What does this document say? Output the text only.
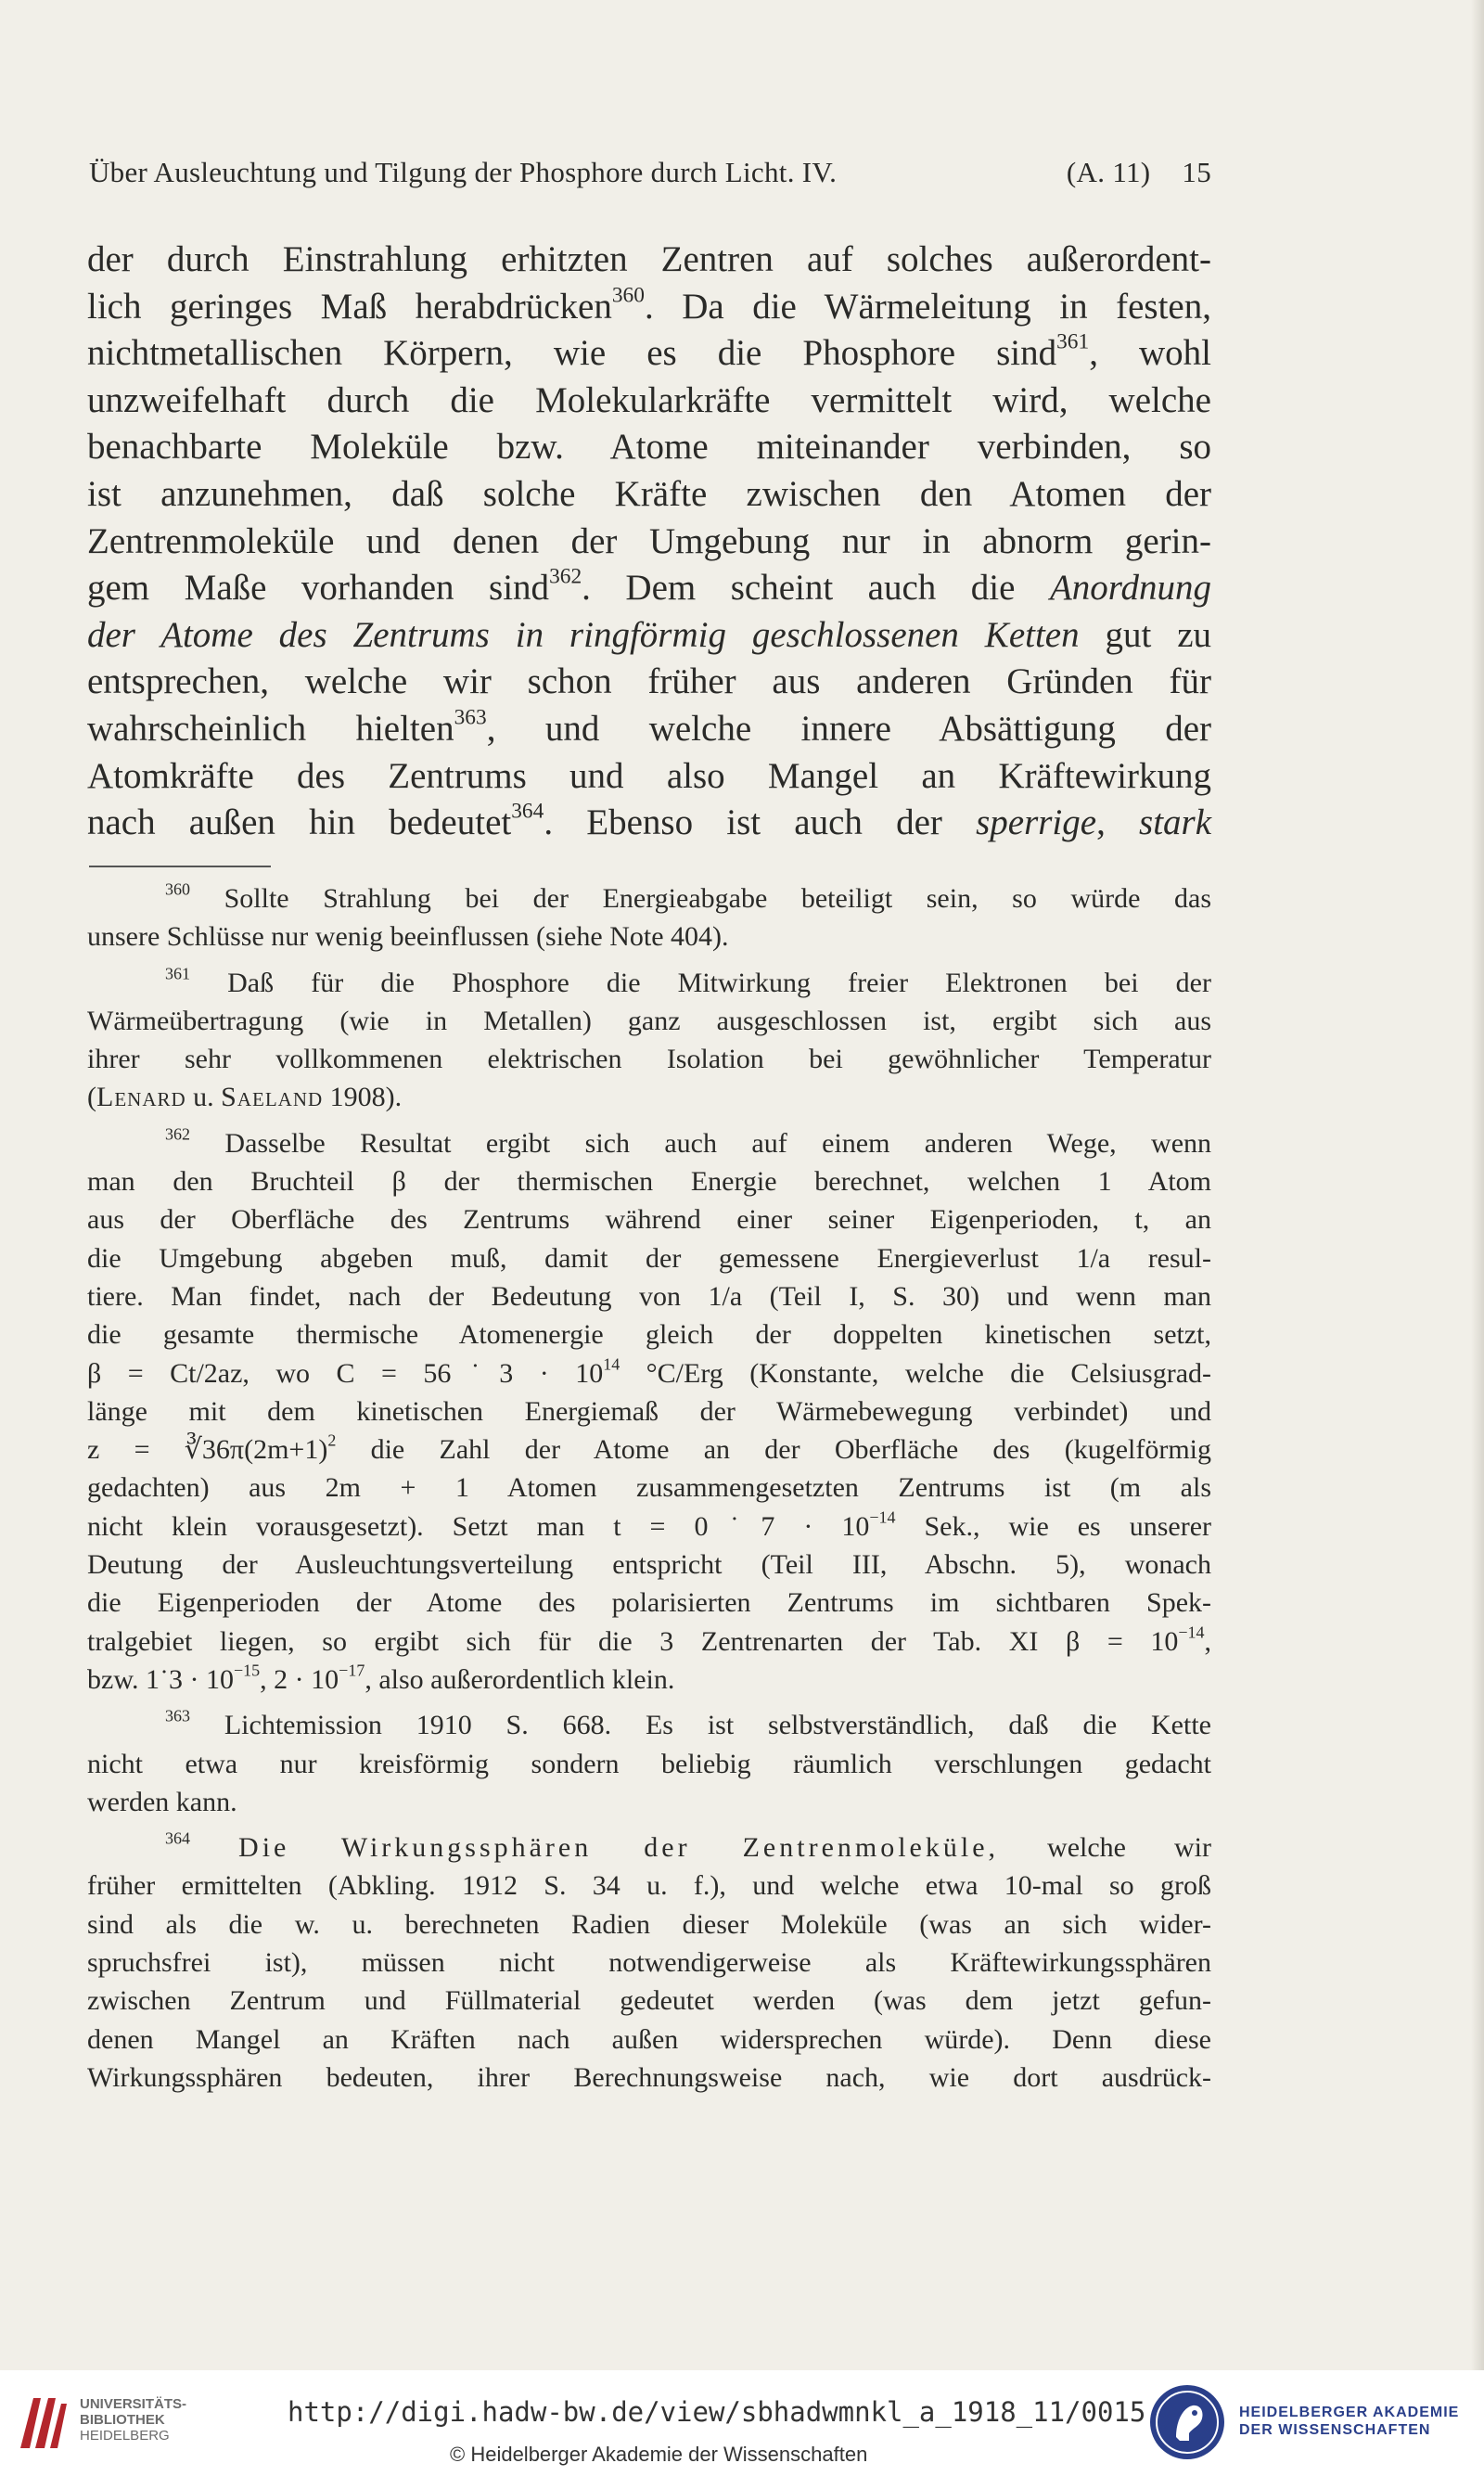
Über Ausleuchtung und Tilgung der Phosphore durch Licht. IV.	(A. 11) 15
der durch Einstrahlung erhitzten Zentren auf solches außerordent-
lich geringes Maß herabdrücken$^{360}$. Da die Wärmeleitung in festen,
nichtmetallischen Körpern, wie es die Phosphore sind$^{361}$, wohl
unzweifelhaft durch die Molekularkräfte vermittelt wird, welche
benachbarte Moleküle bzw. Atome miteinander verbinden, so
ist anzunehmen, daß solche Kräfte zwischen den Atomen der
Zentrenmoleküle und denen der Umgebung nur in abnorm gerin-
gem Maße vorhanden sind$^{362}$. Dem scheint auch die Anordnung
der Atome des Zentrums in ringförmig geschlossenen Ketten gut zu
entsprechen, welche wir schon früher aus anderen Gründen für
wahrscheinlich hielten$^{363}$, und welche innere Absättigung der
Atomkräfte des Zentrums und also Mangel an Kräftewirkung
nach außen hin bedeutet$^{364}$. Ebenso ist auch der sperrige, stark
$^{360}$ Sollte Strahlung bei der Energieabgabe beteiligt sein, so würde das
unsere Schlüsse nur wenig beeinflussen (siehe Note 404).
$^{361}$ Daß für die Phosphore die Mitwirkung freier Elektronen bei der
Wärmeübertragung (wie in Metallen) ganz ausgeschlossen ist, ergibt sich aus
ihrer sehr vollkommenen elektrischen Isolation bei gewöhnlicher Temperatur
(Lenard u. Saeland 1908).
$^{362}$ Dasselbe Resultat ergibt sich auch auf einem anderen Wege, wenn
man den Bruchteil β der thermischen Energie berechnet, welchen 1 Atom
aus der Oberfläche des Zentrums während einer seiner Eigenperioden, t, an
die Umgebung abgeben muß, damit der gemessene Energieverlust 1/a resul-
tiere. Man findet, nach der Bedeutung von 1/a (Teil I, S. 30) und wenn man
die gesamte thermische Atomenergie gleich der doppelten kinetischen setzt,
β = Ct/2az, wo C = 56˙3 · $10^{14}$ °C/Erg (Konstante, welche die Celsiusgrad-
länge mit dem kinetischen Energiemaß der Wärmebewegung verbindet) und
$z = ∛36\pi(2m+1)^2$ die Zahl der Atome an der Oberfläche des (kugelförmig
gedachten) aus 2m + 1 Atomen zusammengesetzten Zentrums ist (m als
nicht klein vorausgesetzt). Setzt man t = 0˙7 · $10^{-14}$ Sek., wie es unserer
Deutung der Ausleuchtungsverteilung entspricht (Teil III, Abschn. 5), wonach
die Eigenperioden der Atome des polarisierten Zentrums im sichtbaren Spek-
tralgebiet liegen, so ergibt sich für die 3 Zentrenarten der Tab. XI $\beta = 10^{-14}$,
bzw. 1˙3 · $10^{-15}$, $2 \cdot 10^{-17}$, also außerordentlich klein.
$^{363}$ Lichtemission 1910 S. 668. Es ist selbstverständlich, daß die Kette
nicht etwa nur kreisförmig sondern beliebig räumlich verschlungen gedacht
werden kann.
$^{364}$ Die Wirkungssphären der Zentrenmoleküle, welche wir
früher ermittelten (Abkling. 1912 S. 34 u. f.), und welche etwa 10-mal so groß
sind als die w. u. berechneten Radien dieser Moleküle (was an sich wider-
spruchsfrei ist), müssen nicht notwendigerweise als Kräftewirkungssphären
zwischen Zentrum und Füllmaterial gedeutet werden (was dem jetzt gefun-
denen Mangel an Kräften nach außen widersprechen würde). Denn diese
Wirkungssphären bedeuten, ihrer Berechnungsweise nach, wie dort ausdrück-
UNIVERSITÄTS-
BIBLIOTHEK
HEIDELBERG
http://digi.hadw-bw.de/view/sbhadwmnkl_a_1918_11/0015
© Heidelberger Akademie der Wissenschaften
HEIDELBERGER AKADEMIE
DER WISSENSCHAFTEN
